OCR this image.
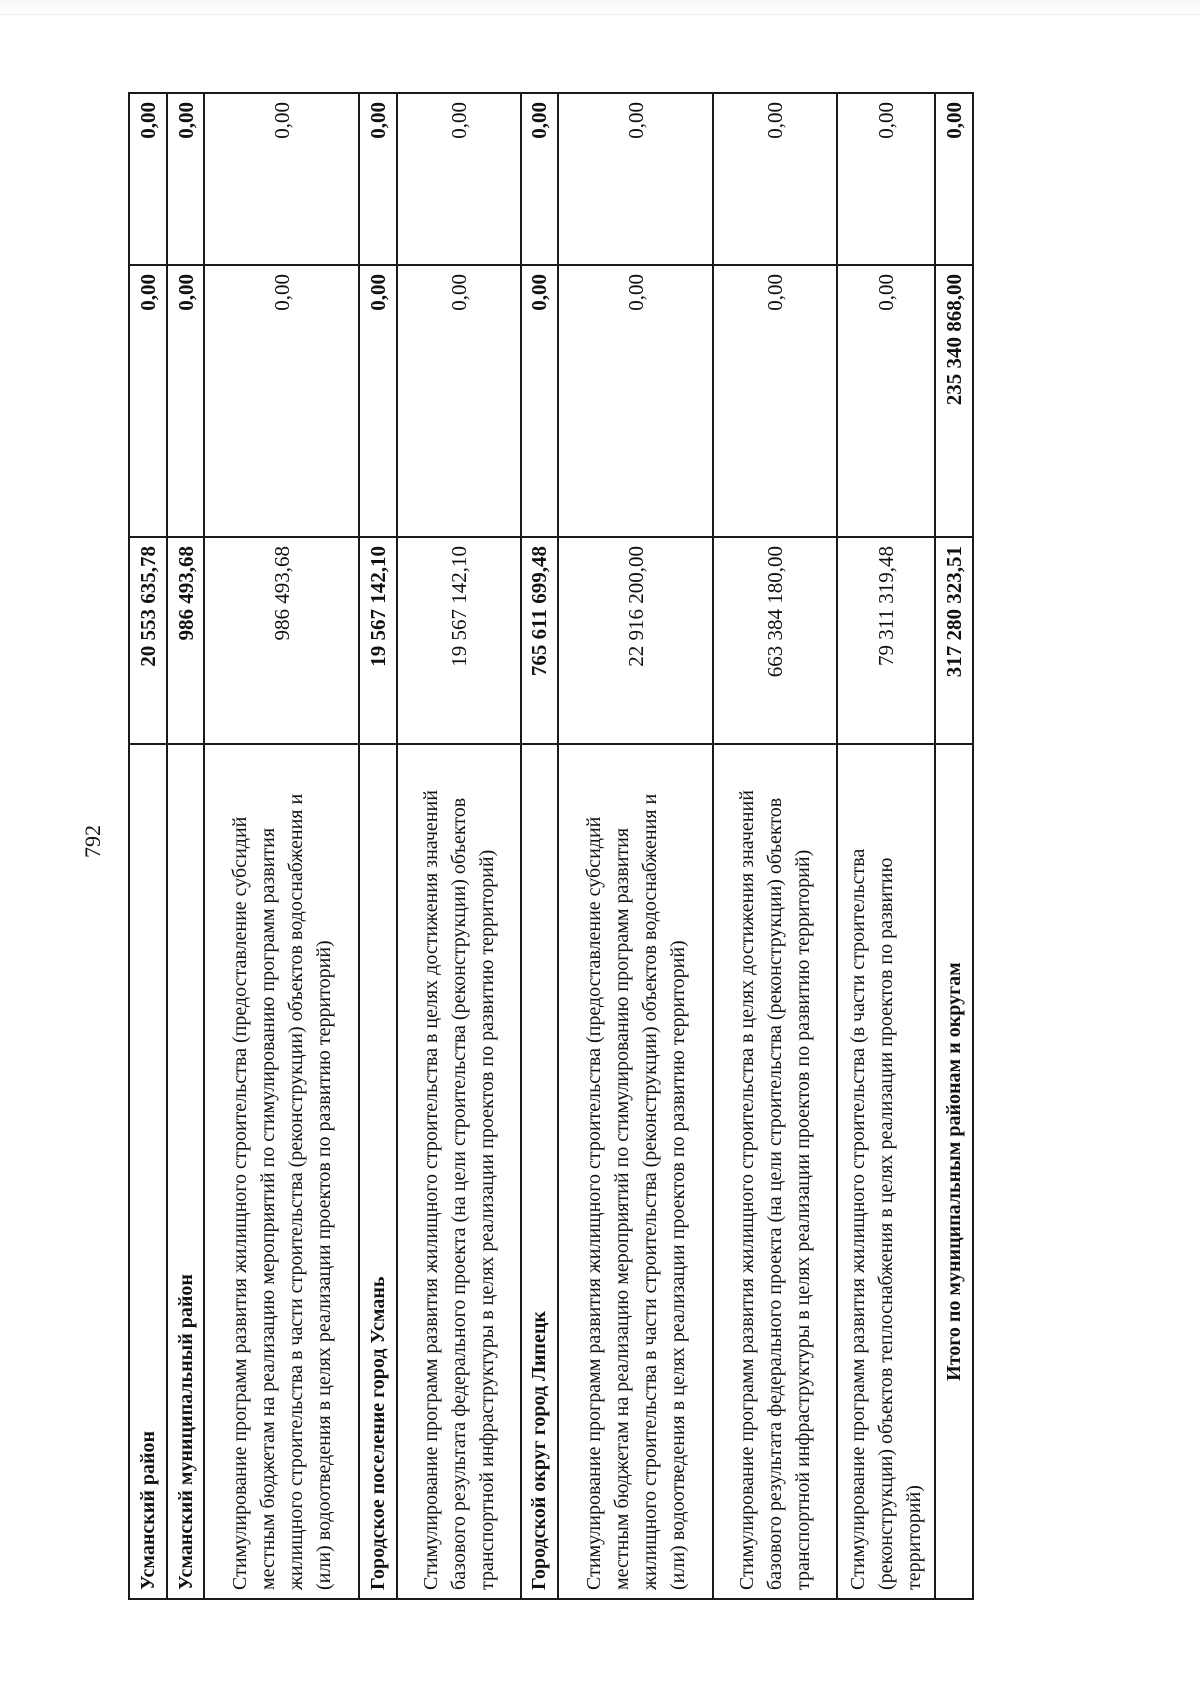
792
Усманский район	20 553 635,78	0,00	0,00
Усманский муниципальный район	986 493,68	0,00	0,00
Стимулирование программ развития жилищного строительства (предоставление субсидий местным бюджетам на реализацию мероприятий по стимулированию программ развития жилищного строительства в части строительства (реконструкции) объектов водоснабжения и (или) водоотведения в целях реализации проектов по развитию территорий)	986 493,68	0,00	0,00
Городское поселение город Усмань	19 567 142,10	0,00	0,00
Стимулирование программ развития жилищного строительства в целях достижения значений базового результата федерального проекта (на цели строительства (реконструкции) объектов транспортной инфраструктуры в целях реализации проектов по развитию территорий)	19 567 142,10	0,00	0,00
Городской округ город Липецк	765 611 699,48	0,00	0,00
Стимулирование программ развития жилищного строительства (предоставление субсидий местным бюджетам на реализацию мероприятий по стимулированию программ развития жилищного строительства в части строительства (реконструкции) объектов водоснабжения и (или) водоотведения в целях реализации проектов по развитию территорий)	22 916 200,00	0,00	0,00
Стимулирование программ развития жилищного строительства в целях достижения значений базового результата федерального проекта (на цели строительства (реконструкции) объектов транспортной инфраструктуры в целях реализации проектов по развитию территорий)	663 384 180,00	0,00	0,00
Стимулирование программ развития жилищного строительства (в части строительства (реконструкции) объектов теплоснабжения в целях реализации проектов по развитию территорий)	79 311 319,48	0,00	0,00
Итого по муниципальным районам и округам	317 280 323,51	235 340 868,00	0,00
